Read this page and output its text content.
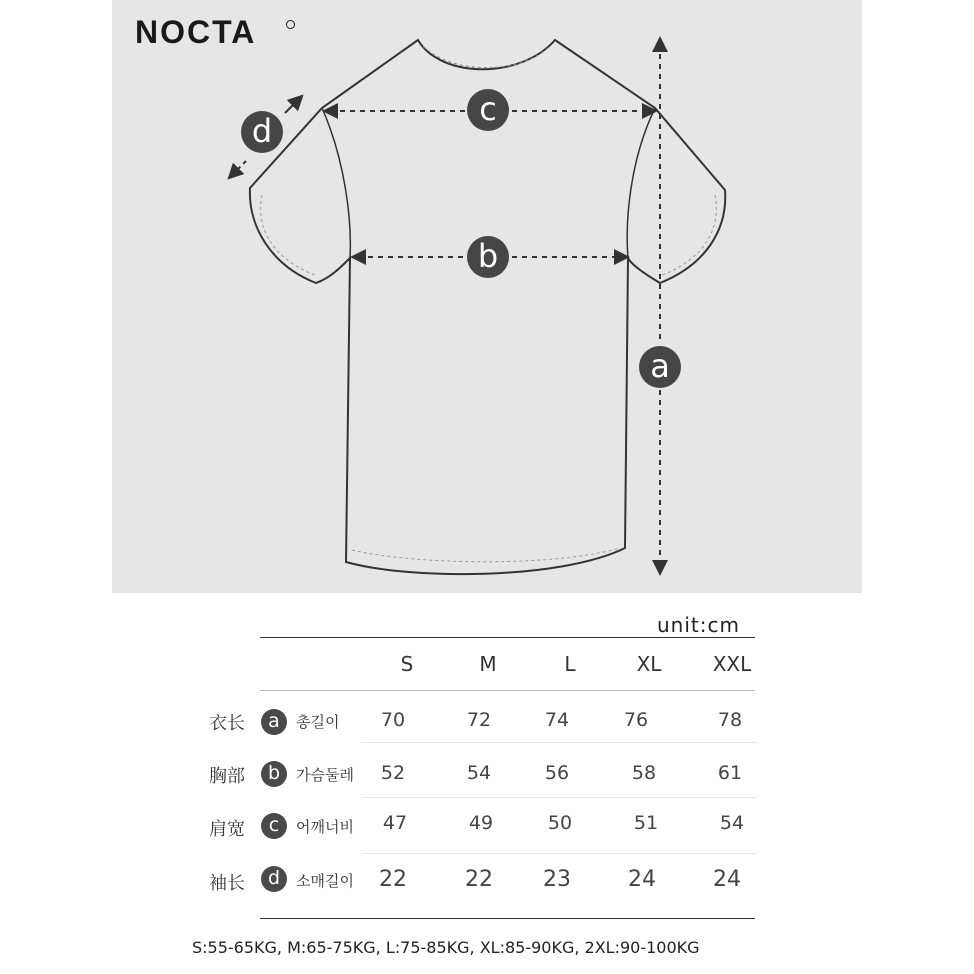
NOCTA
c
b
a
d
unit:cm
S	M	L	XL	XXL
衣长	a	총길이	70	72	74	76	78
胸部	b	가슴둘레	52	54	56	58	61
肩宽	c	어깨너비	47	49	50	51	54
袖长	d	소매길이	22	22	23	24	24
S:55-65KG, M:65-75KG, L:75-85KG, XL:85-90KG, 2XL:90-100KG
